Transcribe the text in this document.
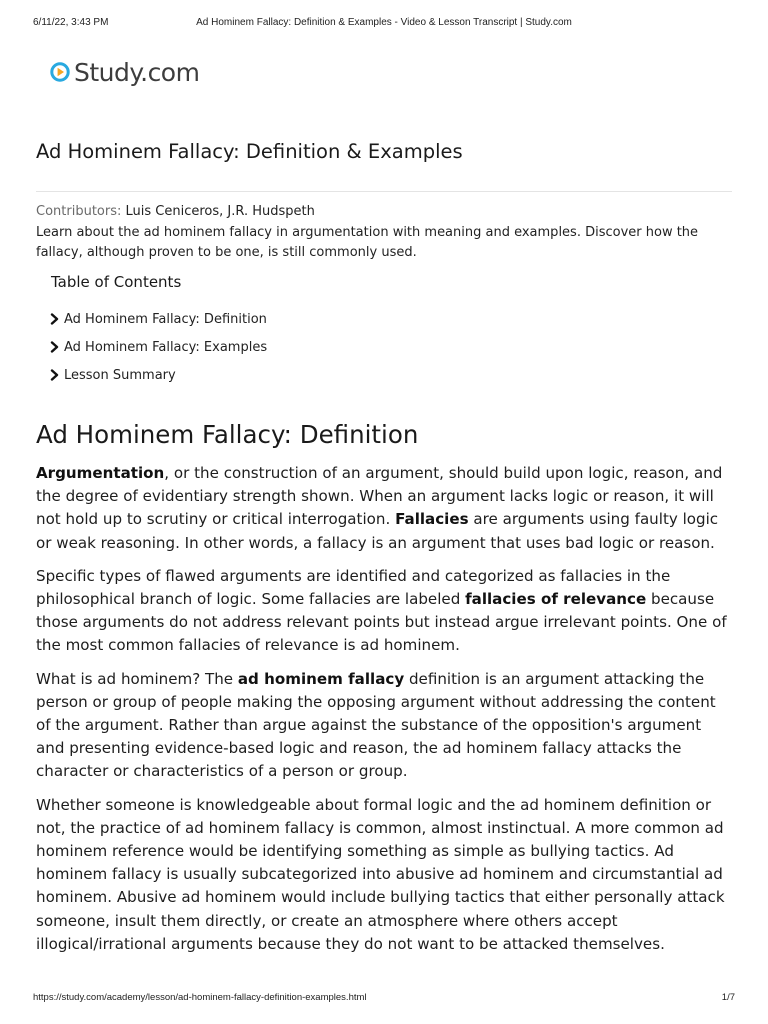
6/11/22, 3:43 PM	Ad Hominem Fallacy: Definition & Examples - Video & Lesson Transcript | Study.com
Study.com
Ad Hominem Fallacy: Definition & Examples
Contributors: Luis Ceniceros, J.R. Hudspeth
Learn about the ad hominem fallacy in argumentation with meaning and examples. Discover how the fallacy, although proven to be one, is still commonly used.
Table of Contents
Ad Hominem Fallacy: Definition
Ad Hominem Fallacy: Examples
Lesson Summary
Ad Hominem Fallacy: Definition

Argumentation, or the construction of an argument, should build upon logic, reason, and the degree of evidentiary strength shown. When an argument lacks logic or reason, it will not hold up to scrutiny or critical interrogation. Fallacies are arguments using faulty logic or weak reasoning. In other words, a fallacy is an argument that uses bad logic or reason.

Specific types of flawed arguments are identified and categorized as fallacies in the philosophical branch of logic. Some fallacies are labeled fallacies of relevance because those arguments do not address relevant points but instead argue irrelevant points. One of the most common fallacies of relevance is ad hominem.

What is ad hominem? The ad hominem fallacy definition is an argument attacking the person or group of people making the opposing argument without addressing the content of the argument. Rather than argue against the substance of the opposition's argument and presenting evidence-based logic and reason, the ad hominem fallacy attacks the character or characteristics of a person or group.

Whether someone is knowledgeable about formal logic and the ad hominem definition or not, the practice of ad hominem fallacy is common, almost instinctual. A more common ad hominem reference would be identifying something as simple as bullying tactics. Ad hominem fallacy is usually subcategorized into abusive ad hominem and circumstantial ad hominem. Abusive ad hominem would include bullying tactics that either personally attack someone, insult them directly, or create an atmosphere where others accept illogical/irrational arguments because they do not want to be attacked themselves.

https://study.com/academy/lesson/ad-hominem-fallacy-definition-examples.html	1/7
